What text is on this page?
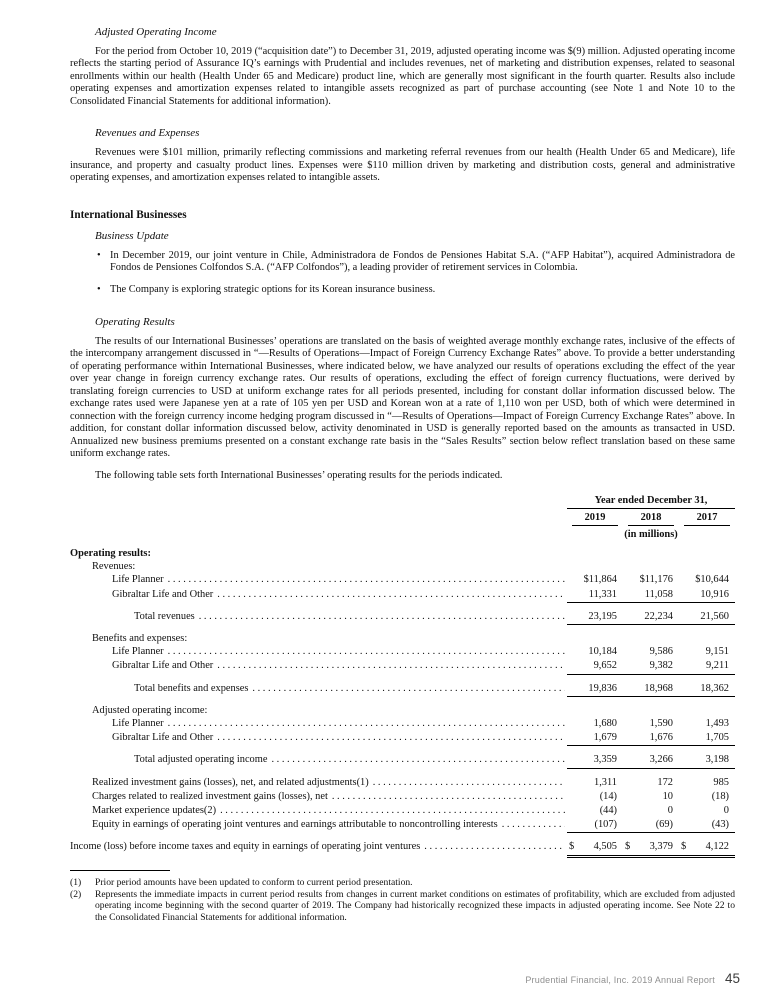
Adjusted Operating Income

For the period from October 10, 2019 (“acquisition date”) to December 31, 2019, adjusted operating income was $(9) million. Adjusted operating income reflects the starting period of Assurance IQ’s earnings with Prudential and includes revenues, net of marketing and distribution expenses, related to seasonal enrollments within our health (Health Under 65 and Medicare) product line, which are generally most significant in the fourth quarter. Results also include operating expenses and amortization expenses related to intangible assets recognized as part of purchase accounting (see Note 1 and Note 10 to the Consolidated Financial Statements for additional information).

Revenues and Expenses

Revenues were $101 million, primarily reflecting commissions and marketing referral revenues from our health (Health Under 65 and Medicare), life insurance, and property and casualty product lines. Expenses were $110 million driven by marketing and distribution costs, general and administrative operating expenses, and amortization expenses related to intangible assets.

International Businesses
Business Update
• In December 2019, our joint venture in Chile, Administradora de Fondos de Pensiones Habitat S.A. (“AFP Habitat”), acquired Administradora de Fondos de Pensiones Colfondos S.A. (“AFP Colfondos”), a leading provider of retirement services in Colombia.
• The Company is exploring strategic options for its Korean insurance business.
Operating Results

The results of our International Businesses’ operations are translated on the basis of weighted average monthly exchange rates, inclusive of the effects of the intercompany arrangement discussed in “—Results of Operations—Impact of Foreign Currency Exchange Rates” above. To provide a better understanding of operating performance within International Businesses, where indicated below, we have analyzed our results of operations excluding the effect of the year over year change in foreign currency exchange rates. Our results of operations, excluding the effect of foreign currency fluctuations, were derived by translating foreign currencies to USD at uniform exchange rates for all periods presented, including for constant dollar information discussed below. The exchange rates used were Japanese yen at a rate of 105 yen per USD and Korean won at a rate of 1,110 won per USD, both of which were determined in connection with the foreign currency income hedging program discussed in “—Results of Operations—Impact of Foreign Currency Exchange Rates” above. In addition, for constant dollar information discussed below, activity denominated in USD is generally reported based on the amounts as transacted in USD. Annualized new business premiums presented on a constant exchange rate basis in the “Sales Results” section below reflect translation based on these same uniform exchange rates.

The following table sets forth International Businesses’ operating results for the periods indicated.

Year ended December 31,
2019	2018	2017
(in millions)
Operating results:
Revenues:
Life Planner . . .	$11,864	$11,176	$10,644
Gibraltar Life and Other . . .	11,331	11,058	10,916
Total revenues . . .	23,195	22,234	21,560
Benefits and expenses:
Life Planner . . .	10,184	9,586	9,151
Gibraltar Life and Other . . .	9,652	9,382	9,211
Total benefits and expenses . . .	19,836	18,968	18,362
Adjusted operating income:
Life Planner . . .	1,680	1,590	1,493
Gibraltar Life and Other . . .	1,679	1,676	1,705
Total adjusted operating income . . .	3,359	3,266	3,198
Realized investment gains (losses), net, and related adjustments(1) . . .	1,311	172	985
Charges related to realized investment gains (losses), net . . .	(14)	10	(18)
Market experience updates(2) . . .	(44)	0	0
Equity in earnings of operating joint ventures and earnings attributable to noncontrolling interests . . .	(107)	(69)	(43)
Income (loss) before income taxes and equity in earnings of operating joint ventures . . .	$ 4,505 $ 3,379 $ 4,122
(1)	Prior period amounts have been updated to conform to current period presentation.
(2)	Represents the immediate impacts in current period results from changes in current market conditions on estimates of profitability, which are excluded from adjusted operating income beginning with the second quarter of 2019. The Company had historically recognized these impacts in adjusted operating income. See Note 22 to the Consolidated Financial Statements for additional information.
Prudential Financial, Inc. 2019 Annual Report 45
